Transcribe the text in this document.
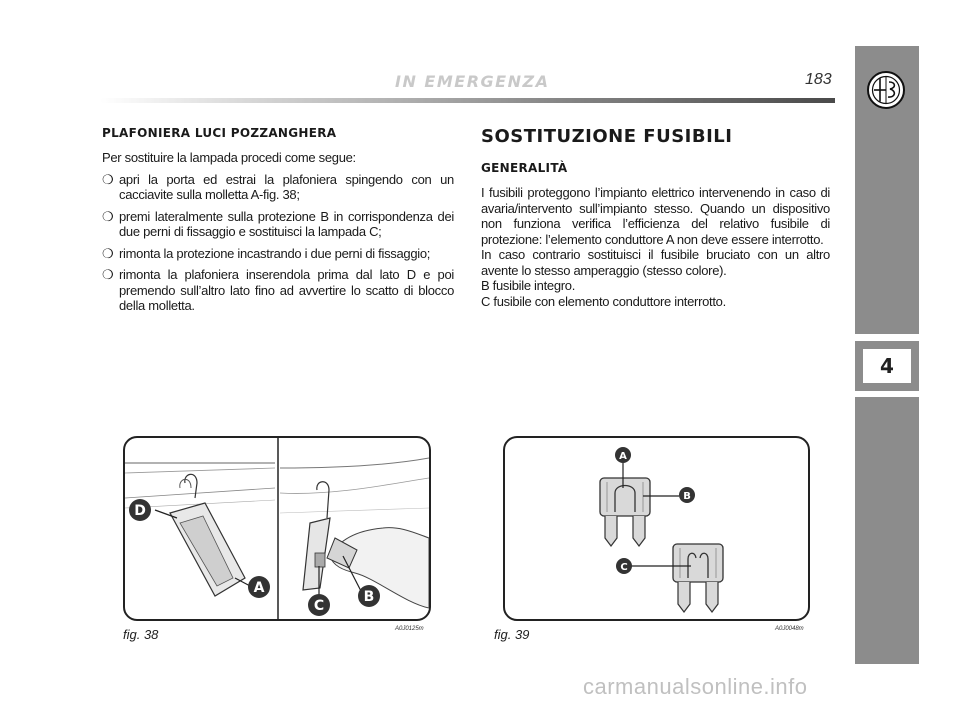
IN EMERGENZA	183
4
PLAFONIERA LUCI POZZANGHERA

Per sostituire la lampada procedi come segue:

❍ apri la porta ed estrai la plafoniera spingendo con un cacciavite sulla molletta A-fig. 38;
❍ premi lateralmente sulla protezione B in corrispondenza dei due perni di fissaggio e sostituisci la lampada C;
❍ rimonta la protezione incastrando i due perni di fissaggio;
❍ rimonta la plafoniera inserendola prima dal lato D e poi premendo sull’altro lato fino ad avvertire lo scatto di blocco della molletta.
SOSTITUZIONE FUSIBILI
GENERALITÀ

I fusibili proteggono l’impianto elettrico intervenendo in caso di avaria/intervento sull’impianto stesso. Quando un dispositivo non funziona verifica l’efficienza del relativo fusibile di protezione: l’elemento conduttore A non deve essere interrotto.

In caso contrario sostituisci il fusibile bruciato con un altro avente lo stesso amperaggio (stesso colore).

B fusibile integro.

C fusibile con elemento conduttore interrotto.

D
A
C
B
fig. 38	A0J0125m
A
B
C
fig. 39	A0J0048m
carmanualsonline.info
